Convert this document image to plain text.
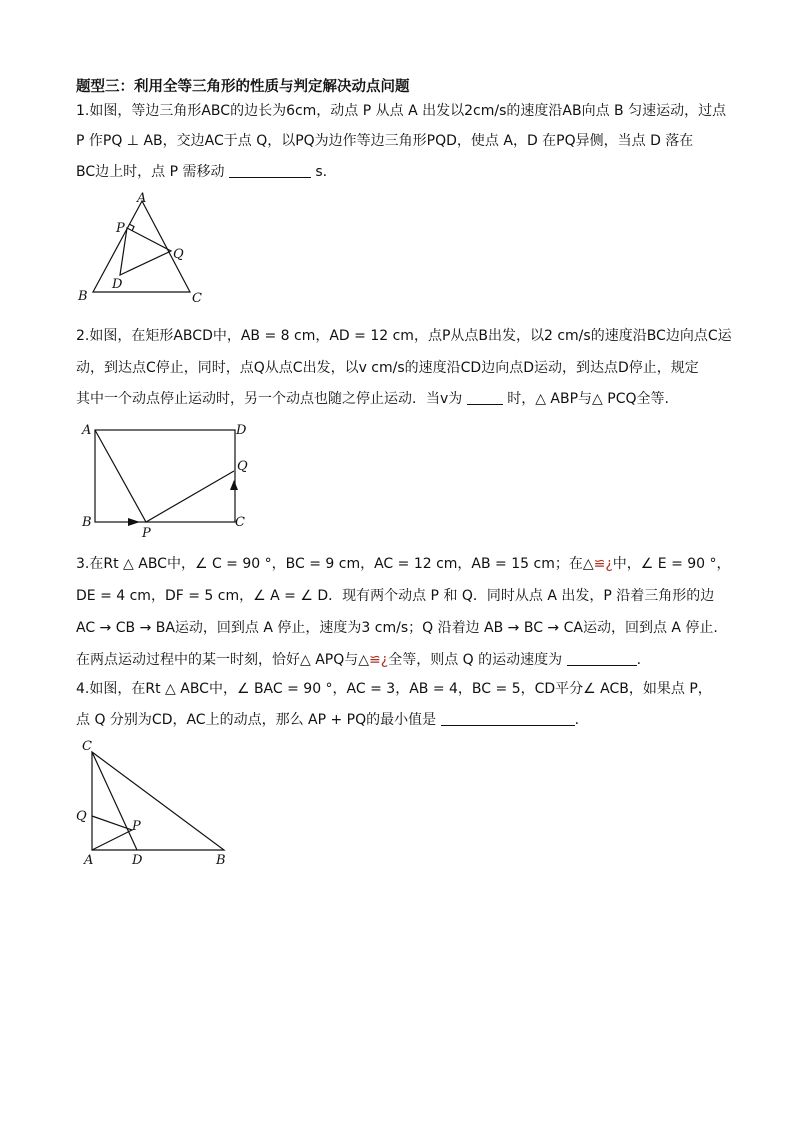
题型三：利用全等三角形的性质与判定解决动点问题
1.如图，等边三角形ABC的边长为6cm，动点 P 从点 A 出发以2cm/s的速度沿AB向点 B 匀速运动，过点
P 作PQ ⊥ AB，交边AC于点 Q，以PQ为边作等边三角形PQD，使点 A，D 在PQ异侧，当点 D 落在
BC边上时，点 P 需移动	s.
A
B	C
P
Q
D
2.如图，在矩形ABCD中，AB = 8 cm，AD = 12 cm，点P从点B出发，以2 cm/s的速度沿BC边向点C运
动，到达点C停止，同时，点Q从点C出发，以v cm/s的速度沿CD边向点D运动，到达点D停止，规定
其中一个动点停止运动时，另一个动点也随之停止运动．当v为	时，△ ABP与△ PCQ全等.
A	D
B	C
P
Q
3.在Rt △ ABC中，∠ C = 90 °，BC = 9 cm，AC = 12 cm，AB = 15 cm；在△≌¿中，∠ E = 90 °，
DE = 4 cm，DF = 5 cm，∠ A = ∠ D．现有两个动点 P 和 Q．同时从点 A 出发，P 沿着三角形的边
AC → CB → BA运动，回到点 A 停止，速度为3 cm/s；Q 沿着边 AB → BC → CA运动，回到点 A 停止.
在两点运动过程中的某一时刻，恰好△ APQ与△≌¿全等，则点 Q 的运动速度为	.
4.如图，在Rt △ ABC中，∠ BAC = 90 °，AC = 3，AB = 4，BC = 5，CD平分∠ ACB，如果点 P，
点 Q 分别为CD，AC上的动点，那么 AP + PQ的最小值是	.
C
Q
P
A	D	B
